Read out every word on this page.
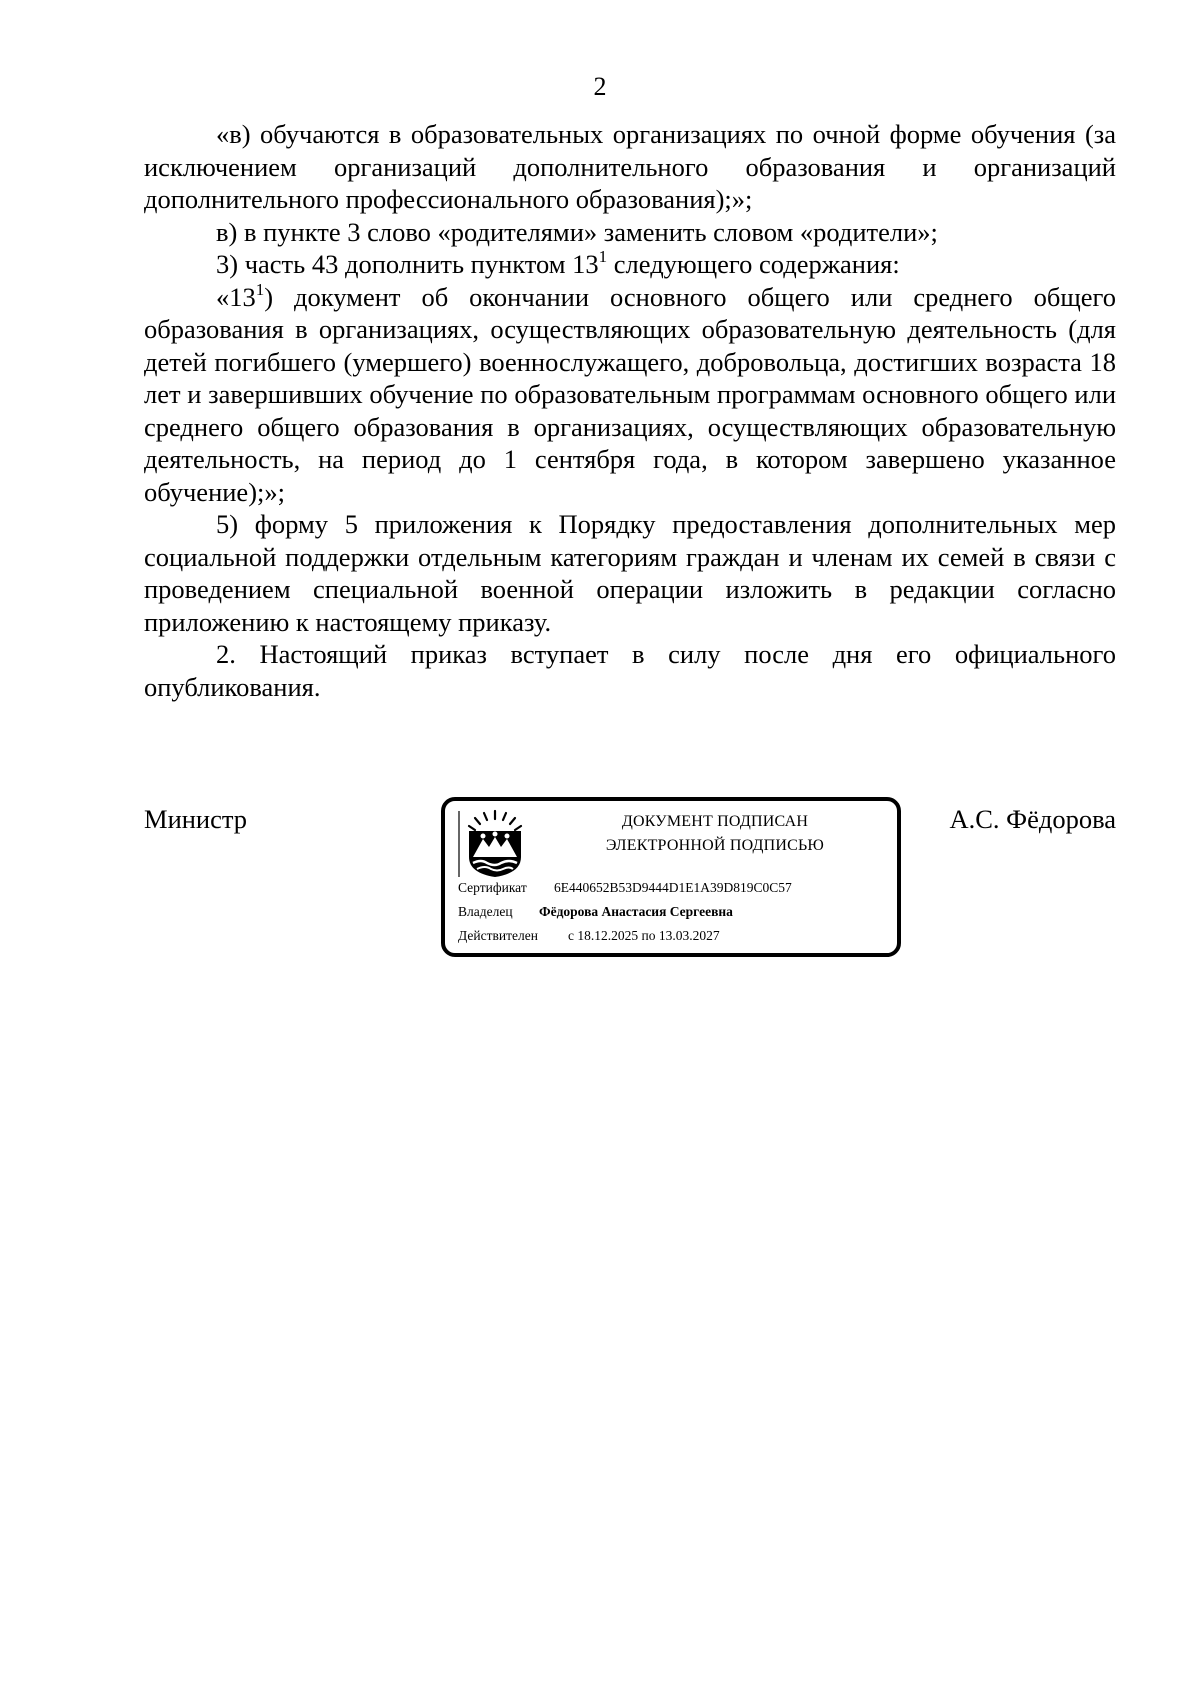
2

«в) обучаются в образовательных организациях по очной форме обучения (за исключением организаций дополнительного образования и организаций дополнительного профессионального образования);»;

в) в пункте 3 слово «родителями» заменить словом «родители»;

3) часть 43 дополнить пунктом $13^1$ следующего содержания:

«$13^1$) документ об окончании основного общего или среднего общего образования в организациях, осуществляющих образовательную деятельность (для детей погибшего (умершего) военнослужащего, добровольца, достигших возраста 18 лет и завершивших обучение по образовательным программам основного общего или среднего общего образования в организациях, осуществляющих образовательную деятельность, на период до 1 сентября года, в котором завершено указанное обучение);»;

5) форму 5 приложения к Порядку предоставления дополнительных мер социальной поддержки отдельным категориям граждан и членам их семей в связи с проведением специальной военной операции изложить в редакции согласно приложению к настоящему приказу.

2. Настоящий приказ вступает в силу после дня его официального опубликования.

Министр	ДОКУМЕНТ ПОДПИСАН
ЭЛЕКТРОННОЙ ПОДПИСЬЮ
Сертификат 6E440652B53D9444D1E1A39D819C0C57
Владелец Фёдорова Анастасия Сергеевна
Действителен с 18.12.2025 по 13.03.2027
А.С. Фёдорова
